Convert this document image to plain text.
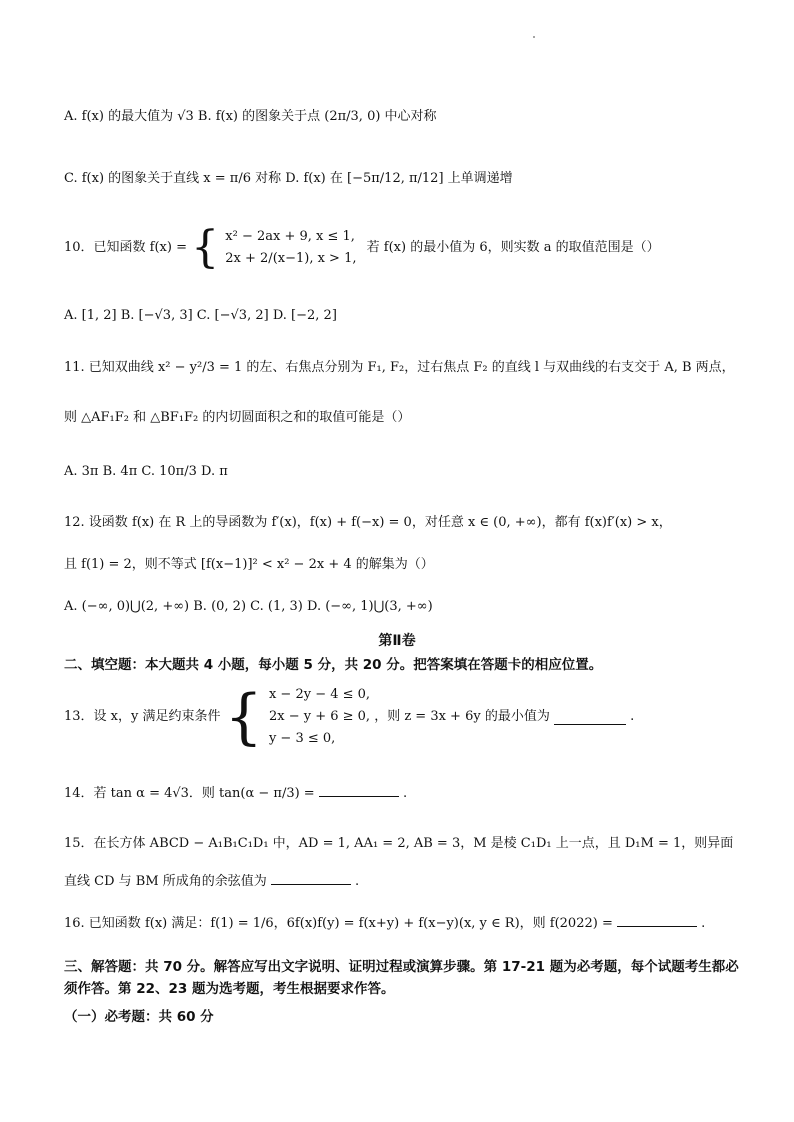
A. f(x) 的最大值为 √3 B. f(x) 的图象关于点 (2π/3, 0) 中心对称
C. f(x) 的图象关于直线 x = π/6 对称 D. f(x) 在 [−5π/12, π/12] 上单调递增
10．已知函数 f(x) = { x² − 2ax + 9, x ≤ 1,
2x + 2/(x−1), x > 1,
若 f(x) 的最小值为 6，则实数 a 的取值范围是（）
A. [1, 2] B. [−√3, 3] C. [−√3, 2] D. [−2, 2]
11. 已知双曲线 x² − y²/3 = 1 的左、右焦点分别为 F₁, F₂，过右焦点 F₂ 的直线 l 与双曲线的右支交于 A, B 两点，
则 △AF₁F₂ 和 △BF₁F₂ 的内切圆面积之和的取值可能是（）
A. 3π B. 4π C. 10π/3 D. π
12. 设函数 f(x) 在 R 上的导函数为 f′(x)，f(x) + f(−x) = 0，对任意 x ∈ (0, +∞)，都有 f(x)f′(x) > x，
且 f(1) = 2，则不等式 [f(x−1)]² < x² − 2x + 4 的解集为（）
A. (−∞, 0)⋃(2, +∞) B. (0, 2) C. (1, 3) D. (−∞, 1)⋃(3, +∞)
第Ⅱ卷
二、填空题：本大题共 4 小题，每小题 5 分，共 20 分。把答案填在答题卡的相应位置。
13．设 x，y 满足约束条件 { x − 2y − 4 ≤ 0,
2x − y + 6 ≥ 0,
y − 3 ≤ 0,
，则 z = 3x + 6y 的最小值为	.
14．若 tan α = 4√3．则 tan(α − π/3) =	.
15．在长方体 ABCD − A₁B₁C₁D₁ 中，AD = 1, AA₁ = 2, AB = 3，M 是棱 C₁D₁ 上一点，且 D₁M = 1，则异面
直线 CD 与 BM 所成角的余弦值为	.
16. 已知函数 f(x) 满足：f(1) = 1/6，6f(x)f(y) = f(x+y) + f(x−y)(x, y ∈ R)，则 f(2022) =	.
三、解答题：共 70 分。解答应写出文字说明、证明过程或演算步骤。第 17-21 题为必考题，每个试题考生都必须作答。第 22、23 题为选考题，考生根据要求作答。
（一）必考题：共 60 分
